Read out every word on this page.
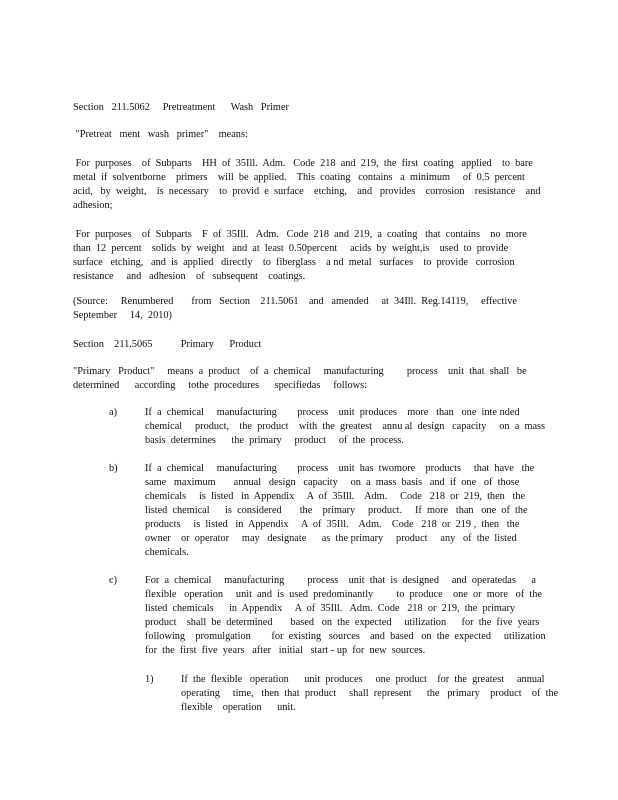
Section   211.5062     Pretreatment      Wash   Primer
"Pretreat   ment   wash   primer"    means:
For  purposes    of  Subparts    HH  of  35Ill.  Adm.   Code  218  and  219,  the  first  coating   applied    to  bare
metal  if  solventborne    primers    will  be  applied.    This  coating   contains   a  minimum     of  0.5  percent
acid,   by  weight,    is  necessary    to  provid  e  surface    etching,    and   provides    corrosion    resistance    and
adhesion;
For  purposes    of  Subparts    F  of  35Ill.   Adm.   Code  218  and  219,  a  coating   that  contains    no  more
than  12  percent    solids  by  weight   and  at  least  0.50percent     acids  by  weight,is    used  to  provide
surface   etching,   and  is  applied   directly    to  fiberglass    a nd  metal   surfaces    to  provide   corrosion
resistance     and   adhesion    of   subsequent    coatings.
(Source:     Renumbered       from   Section    211.5061    and   amended     at  34Ill.  Reg.14119,     effective
September     14,  2010)
Section    211.5065           Primary      Product
"Primary   Product"     means  a  product    of  a  chemical     manufacturing         process    unit  that  shall   be
determined      according     tothe  procedures      specifiedas     follows:
a)	If  a  chemical     manufacturing        process    unit  produces    more   than   one  inte nded
chemical     product,    the  product    with  the  greatest    annu al  design   capacity     on  a  mass
basis  determines      the  primary     product     of  the  process.
b)	If  a  chemical     manufacturing        process    unit  has  twomore    products     that  have   the
same   maximum       annual   design   capacity     on  a  mass  basis   and  if  one   of  those
chemicals     is  listed   in  Appendix     A  of  35Ill.    Adm.     Code   218  or  219,  then   the
listed  chemical      is  considered       the    primary     product.     If  more   than   one  of  the
products     is  listed   in  Appendix     A  of  35Ill.    Adm.    Code   218  or  219 ,  then   the
owner    or  operator     may   designate      as  the primary     product     any   of  the  listed
chemicals.
c)	For  a  chemical     manufacturing         process    unit  that  is  designed     and  operatedas      a
flexible   operation     unit  and  is  used  predominantly         to  produce    one  or  more   of  the
listed  chemicals      in  Appendix     A  of  35Ill.   Adm.  Code   218  or  219,  the  primary
product    shall  be  determined       based   on  the  expected     utilization      for  the  five  years
following    promulgation        for  existing   sources    and  based   on  the  expected     utilization
for  the  first  five  years   after   initial   start - up  for  new  sources.
1)	If  the  flexible   operation      unit  produces     one  product    for  the  greatest     annual
operating     time,   then  that  product     shall  represent      the   primary    product    of  the
flexible    operation      unit.
